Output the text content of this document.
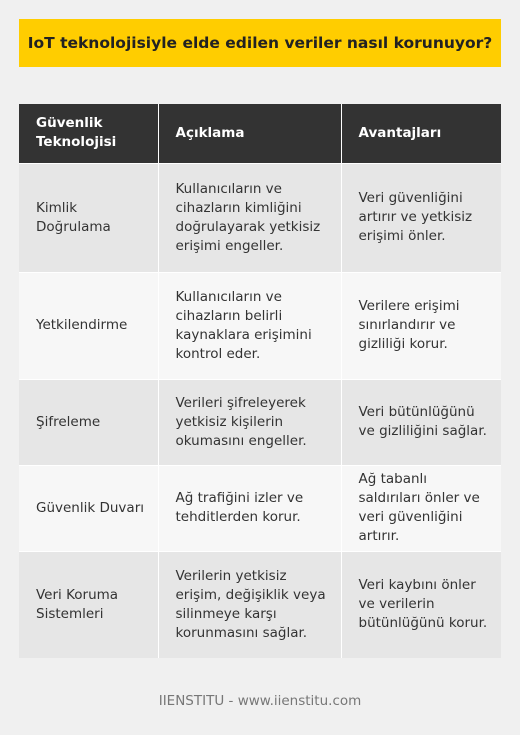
IoT teknolojisiyle elde edilen veriler nasıl korunuyor?
Güvenlik Teknolojisi	Açıklama	Avantajları
Kimlik Doğrulama	Kullanıcıların ve cihazların kimliğini doğrulayarak yetkisiz erişimi engeller.	Veri güvenliğini artırır ve yetkisiz erişimi önler.
Yetkilendirme	Kullanıcıların ve cihazların belirli kaynaklara erişimini kontrol eder.	Verilere erişimi sınırlandırır ve gizliliği korur.
Şifreleme	Verileri şifreleyerek yetkisiz kişilerin okumasını engeller.	Veri bütünlüğünü ve gizliliğini sağlar.
Güvenlik Duvarı	Ağ trafiğini izler ve tehditlerden korur.	Ağ tabanlı saldırıları önler ve veri güvenliğini artırır.
Veri Koruma Sistemleri	Verilerin yetkisiz erişim, değişiklik veya silinmeye karşı korunmasını sağlar.	Veri kaybını önler ve verilerin bütünlüğünü korur.
IIENSTITU - www.iienstitu.com
